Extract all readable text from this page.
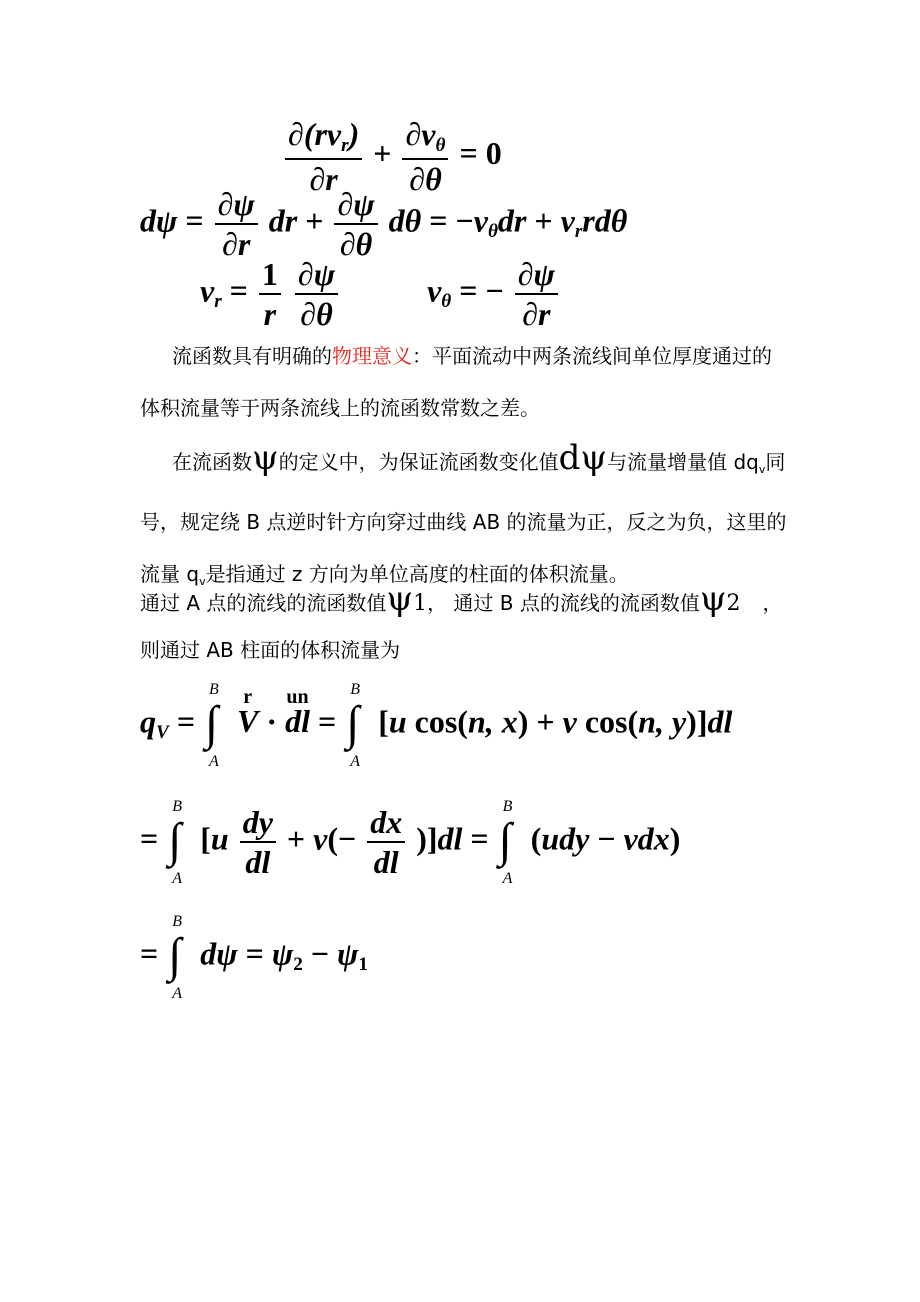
$\frac{\partial(rv_r)}{\partial r} + \frac{\partial v_\theta}{\partial\theta} = 0$
$d\psi = \frac{\partial\psi}{\partial r}$ dr + $\frac{\partial\psi}{\partial\theta}$ $d\theta = -v_\theta dr + v_rrd\theta$
$v_r = \frac{1}{r}$
$\frac{\partial\psi}{\partial\theta}$	$v_\theta$ = − $\frac{\partial\psi}{\partial r}$
流函数具有明确的物理意义：平面流动中两条流线间单位厚度通过的体积流量等于两条流线上的流函数常数之差。
在流函数ψ的定义中，为保证流函数变化值dψ与流量增量值 $dq_v$同号，规定绕 B 点逆时针方向穿过曲线 AB 的流量为正，反之为负，这里的流量 $q_v$是指通过 z 方向为单位高度的柱面的体积流量。
通过 A 点的流线的流函数值ψ1， 通过 B 点的流线的流函数值ψ2 ，
则通过 AB 柱面的体积流量为
$q_V$ =
B
∫
A
V
r
· dl
un
=
B
∫
A
[u cos(n, x) + v cos(n, y)]dl
=
B
∫
A
$[u \frac{dy}{dl} + v(- \frac{dx}{dl} )]dl$ =
B
∫
A
(udy − vdx)
=
B
∫
A
$d\psi = \psi_2 - \psi_1$
